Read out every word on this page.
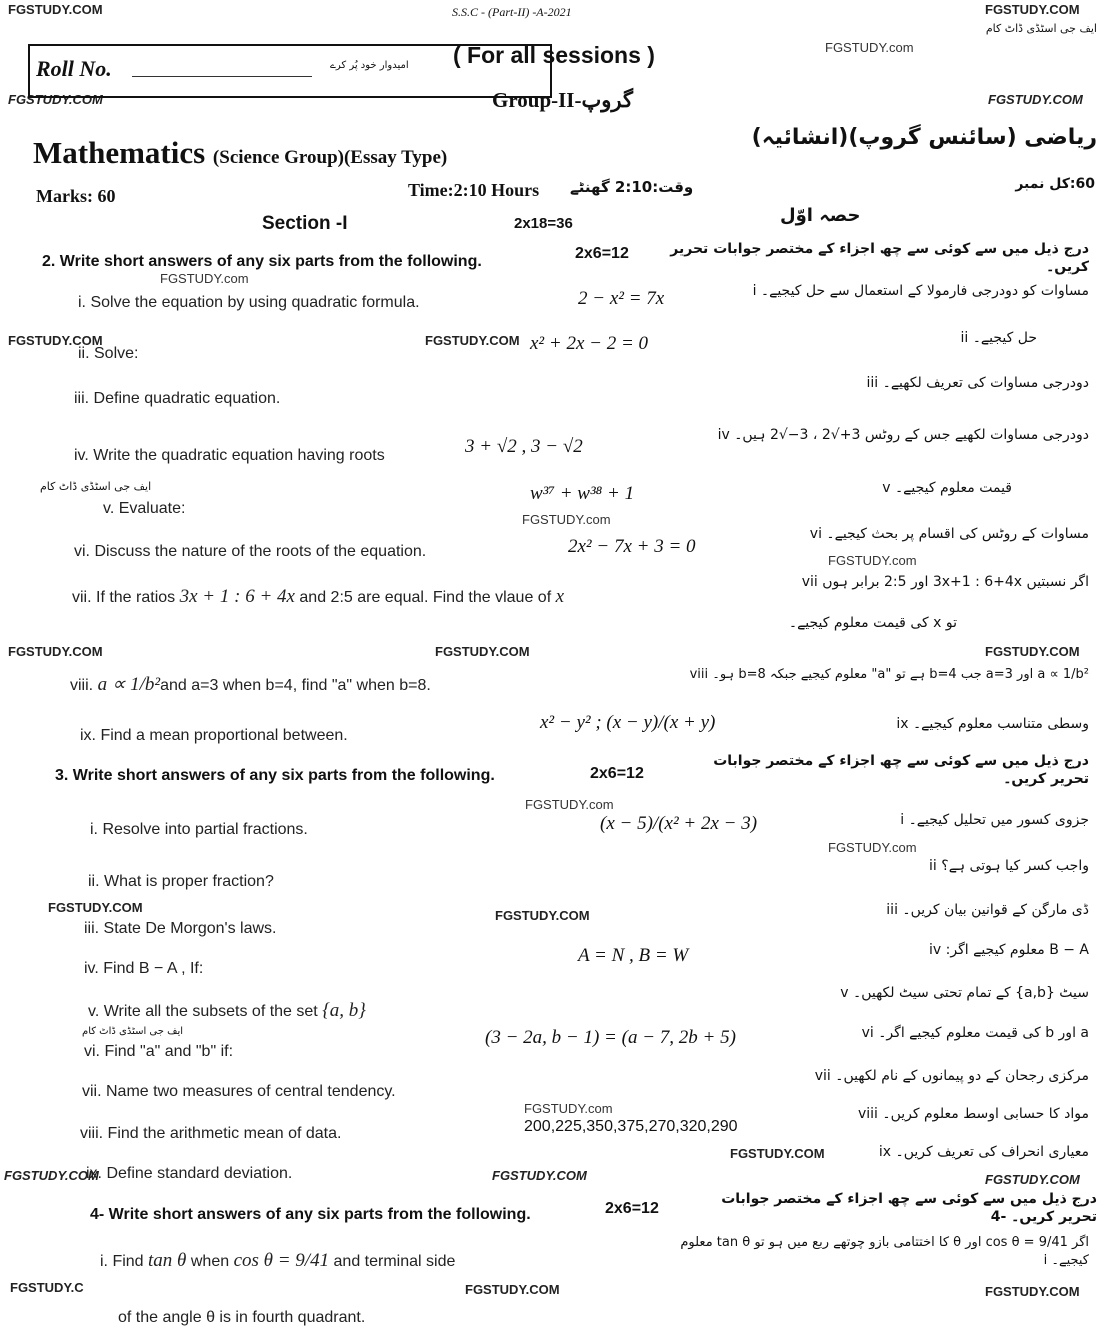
FGSTUDY.COM	FGSTUDY.COM
ایف جی اسٹڈی ڈاٹ کام
FGSTUDY.com
FGSTUDY.COM	FGSTUDY.COM
S.S.C - (Part-II) -A-2021
Roll No.	امیدوار خود پُر کرے ( For all sessions )
Group-II-گروپ
Mathematics (Science Group)(Essay Type)
ریاضی (سائنس گروپ)(انشائیہ)
Marks: 60
60:کل نمبر
Time:2:10 Hours وقت:2:10 گھنٹے
Section -I	2x18=36	حصہ اوّل
2. Write short answers of any six parts from the following.	2x6=12	درج ذیل میں سے کوئی سے چھ اجزاء کے مختصر جوابات تحریر کریں۔
FGSTUDY.com
i. Solve the equation by using quadratic formula.	2 − x² = 7x	مساوات کو دودرجی فارمولا کے استعمال سے حل کیجیے۔ i
FGSTUDY.COM	FGSTUDY.COM
ii. Solve:	x² + 2x − 2 = 0	حل کیجیے۔ ii
iii. Define quadratic equation.
دودرجی مساوات کی تعریف لکھیے۔ iii
iv. Write the quadratic equation having roots	3 + √2 , 3 − √2
دودرجی مساوات لکھیے جس کے روٹس 3+√2 ، 3−√2 ہیں۔ iv
ایف جی اسٹڈی ڈاٹ کام
v. Evaluate:
w³⁷ + w³⁸ + 1
FGSTUDY.com
قیمت معلوم کیجیے۔ v
vi. Discuss the nature of the roots of the equation.	2x² − 7x + 3 = 0
مساوات کے روٹس کی اقسام پر بحث کیجیے۔ vi
FGSTUDY.com
vii. If the ratios 3x + 1 : 6 + 4x and 2:5 are equal. Find the vlaue of x
اگر نسبتیں 3x+1 : 6+4x اور 2:5 برابر ہوں vii
تو x کی قیمت معلوم کیجیے۔
FGSTUDY.COM	FGSTUDY.COM	FGSTUDY.COM
viii. a ∝ 1/b²and a=3 when b=4, find "a" when b=8.
a ∝ 1/b² اور a=3 جب b=4 ہے تو "a" معلوم کیجیے جبکہ b=8 ہو۔ viii
ix. Find a mean proportional between.
x² − y² ; (x − y)/(x + y)	وسطی متناسب معلوم کیجیے۔ ix
3. Write short answers of any six parts from the following.	2x6=12
درج ذیل میں سے کوئی سے چھ اجزاء کے مختصر جوابات تحریر کریں۔
FGSTUDY.com
i. Resolve into partial fractions.	(x − 5)/(x² + 2x − 3)	جزوی کسور میں تحلیل کیجیے۔ i
FGSTUDY.com
ii. What is proper fraction?
واجب کسر کیا ہوتی ہے؟ ii
FGSTUDY.COM
FGSTUDY.COM
iii. State De Morgon's laws.
ڈی مارگن کے قوانین بیان کریں۔ iii
iv. Find B − A , If:
A = N , B = W	B − A معلوم کیجیے اگر: iv
v. Write all the subsets of the set {a, b}
سیٹ {a,b} کے تمام تحتی سیٹ لکھیں۔ v
ایف جی اسٹڈی ڈاٹ کام
vi. Find "a" and "b" if:
(3 − 2a, b − 1) = (a − 7, 2b + 5)	a اور b کی قیمت معلوم کیجیے اگر۔ vi
vii. Name two measures of central tendency.
مرکزی رجحان کے دو پیمانوں کے نام لکھیں۔ vii
FGSTUDY.com
viii. Find the arithmetic mean of data.	200,225,350,375,270,320,290
مواد کا حسابی اوسط معلوم کریں۔ viii
FGSTUDY.COM
ix. Define standard deviation.	FGSTUDY.COM
FGSTUDY.COM	معیاری انحراف کی تعریف کریں۔ ix
FGSTUDY.COM
4- Write short answers of any six parts from the following.	2x6=12
درج ذیل میں سے کوئی سے چھ اجزاء کے مختصر جوابات تحریر کریں۔ -4
i. Find tan θ when cos θ = 9/41 and terminal side
اگر cos θ = 9/41 اور θ کا اختتامی بازو چوتھے ربع میں ہو تو tan θ معلوم کیجیے۔ i
FGSTUDY.C	FGSTUDY.COM	FGSTUDY.COM
of the angle θ is in fourth quadrant.
